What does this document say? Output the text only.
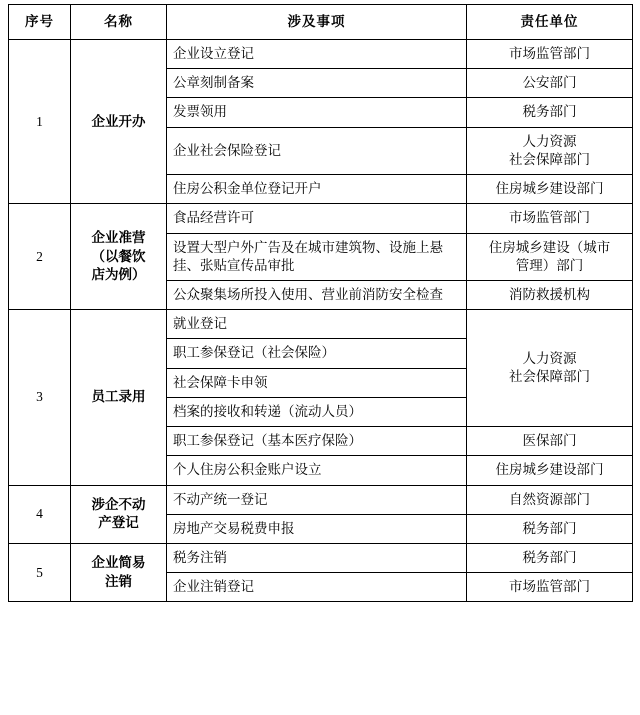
序号	名称	涉及事项	责任单位
1	企业开办	企业设立登记	市场监管部门
		公章刻制备案	公安部门
		发票领用	税务部门
		企业社会保险登记	人力资源
社会保障部门

		住房公积金单位登记开户	住房城乡建设部门
2	企业准营
（以餐饮
店为例）	食品经营许可	市场监管部门
		设置大型户外广告及在城市建筑物、设施上悬挂、张贴宣传品审批	住房城乡建设（城市
管理）部门

		公众聚集场所投入使用、营业前消防安全检查	消防救援机构
3	员工录用	就业登记	人力资源
社会保障部门

		职工参保登记（社会保险）	
		社会保障卡申领	
		档案的接收和转递（流动人员）	
		职工参保登记（基本医疗保险）	医保部门
		个人住房公积金账户设立	住房城乡建设部门
4	涉企不动
产登记	不动产统一登记	自然资源部门
		房地产交易税费申报	税务部门
5	企业简易
注销	税务注销	税务部门
		企业注销登记	市场监管部门
